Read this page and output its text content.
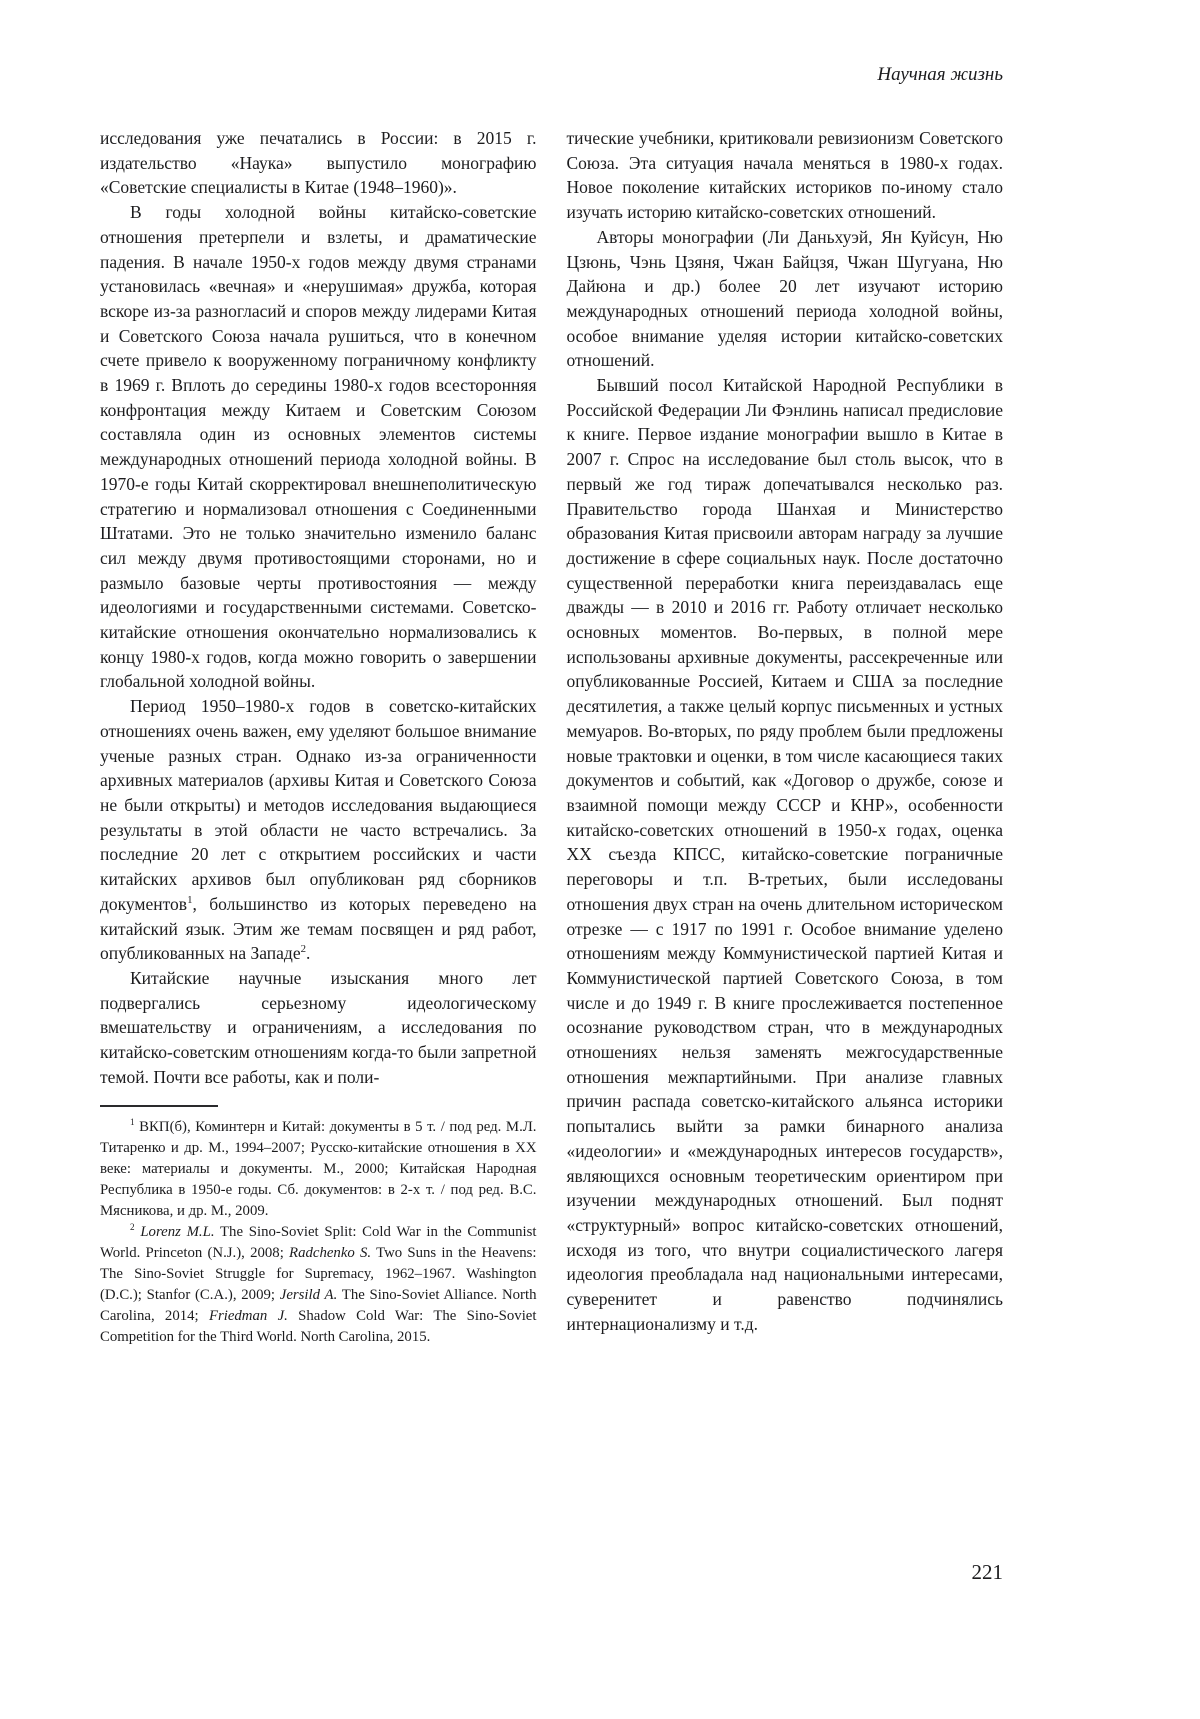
Научная жизнь

исследования уже печатались в России: в 2015 г. издательство «Наука» выпустило монографию «Советские специалисты в Китае (1948–1960)».

В годы холодной войны китайско-советские отношения претерпели и взлеты, и драматические падения. В начале 1950-х годов между двумя странами установилась «вечная» и «нерушимая» дружба, которая вскоре из-за разногласий и споров между лидерами Китая и Советского Союза начала рушиться, что в конечном счете привело к вооруженному пограничному конфликту в 1969 г. Вплоть до середины 1980-х годов всесторонняя конфронтация между Китаем и Советским Союзом составляла один из основных элементов системы международных отношений периода холодной войны. В 1970-е годы Китай скорректировал внешнеполитическую стратегию и нормализовал отношения с Соединенными Штатами. Это не только значительно изменило баланс сил между двумя противостоящими сторонами, но и размыло базовые черты противостояния — между идеологиями и государственными системами. Советско-китайские отношения окончательно нормализовались к концу 1980-х годов, когда можно говорить о завершении глобальной холодной войны.

Период 1950–1980-х годов в советско-китайских отношениях очень важен, ему уделяют большое внимание ученые разных стран. Однако из-за ограниченности архивных материалов (архивы Китая и Советского Союза не были открыты) и методов исследования выдающиеся результаты в этой области не часто встречались. За последние 20 лет с открытием российских и части китайских архивов был опубликован ряд сборников документов$^1$, большинство из которых переведено на китайский язык. Этим же темам посвящен и ряд работ, опубликованных на Западе$^2$.

Китайские научные изыскания много лет подвергались серьезному идеологическому вмешательству и ограничениям, а исследования по китайско-советским отношениям когда-то были запретной темой. Почти все работы, как и поли-

$^1$ ВКП(б), Коминтерн и Китай: документы в 5 т. / под ред. М.Л. Титаренко и др. М., 1994–2007; Русско-китайские отношения в XX веке: материалы и документы. М., 2000; Китайская Народная Республика в 1950-е годы. Сб. документов: в 2-х т. / под ред. В.С. Мясникова, и др. М., 2009.

$^2$ Lorenz M.L. The Sino-Soviet Split: Cold War in the Communist World. Princeton (N.J.), 2008; Radchenko S. Two Suns in the Heavens: The Sino-Soviet Struggle for Supremacy, 1962–1967. Washington (D.C.); Stanfor (C.A.), 2009; Jersild A. The Sino-Soviet Alliance. North Carolina, 2014; Friedman J. Shadow Cold War: The Sino-Soviet Competition for the Third World. North Carolina, 2015.

тические учебники, критиковали ревизионизм Советского Союза. Эта ситуация начала меняться в 1980-х годах. Новое поколение китайских историков по-иному стало изучать историю китайско-советских отношений.

Авторы монографии (Ли Даньхуэй, Ян Куйсун, Ню Цзюнь, Чэнь Цзяня, Чжан Байцзя, Чжан Шугуана, Ню Дайюна и др.) более 20 лет изучают историю международных отношений периода холодной войны, особое внимание уделяя истории китайско-советских отношений.

Бывший посол Китайской Народной Республики в Российской Федерации Ли Фэнлинь написал предисловие к книге. Первое издание монографии вышло в Китае в 2007 г. Спрос на исследование был столь высок, что в первый же год тираж допечатывался несколько раз. Правительство города Шанхая и Министерство образования Китая присвоили авторам награду за лучшие достижение в сфере социальных наук. После достаточно существенной переработки книга переиздавалась еще дважды — в 2010 и 2016 гг. Работу отличает несколько основных моментов. Во-первых, в полной мере использованы архивные документы, рассекреченные или опубликованные Россией, Китаем и США за последние десятилетия, а также целый корпус письменных и устных мемуаров. Во-вторых, по ряду проблем были предложены новые трактовки и оценки, в том числе касающиеся таких документов и событий, как «Договор о дружбе, союзе и взаимной помощи между СССР и КНР», особенности китайско-советских отношений в 1950-х годах, оценка XX съезда КПСС, китайско-советские пограничные переговоры и т.п. В-третьих, были исследованы отношения двух стран на очень длительном историческом отрезке — с 1917 по 1991 г. Особое внимание уделено отношениям между Коммунистической партией Китая и Коммунистической партией Советского Союза, в том числе и до 1949 г. В книге прослеживается постепенное осознание руководством стран, что в международных отношениях нельзя заменять межгосударственные отношения межпартийными. При анализе главных причин распада советско-китайского альянса историки попытались выйти за рамки бинарного анализа «идеологии» и «международных интересов государств», являющихся основным теоретическим ориентиром при изучении международных отношений. Был поднят «структурный» вопрос китайско-советских отношений, исходя из того, что внутри социалистического лагеря идеология преобладала над национальными интересами, суверенитет и равенство подчинялись интернационализму и т.д.

221
